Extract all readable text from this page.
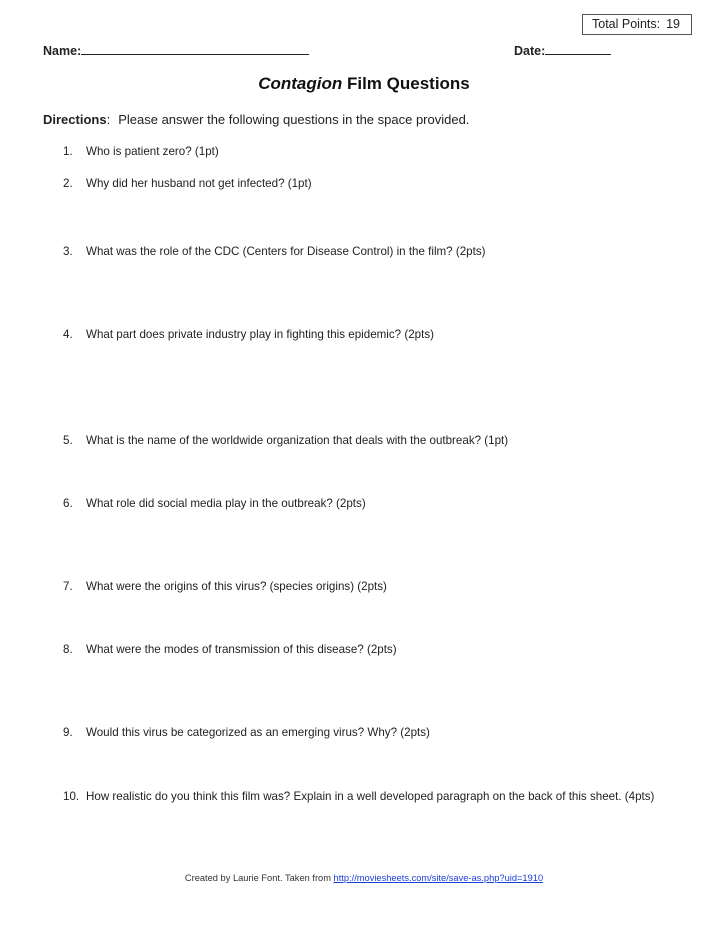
Total Points: 19
Name:	Date:
Contagion Film Questions
Directions: Please answer the following questions in the space provided.
1. Who is patient zero? (1pt)
2. Why did her husband not get infected? (1pt)
3. What was the role of the CDC (Centers for Disease Control) in the film? (2pts)
4. What part does private industry play in fighting this epidemic? (2pts)
5. What is the name of the worldwide organization that deals with the outbreak? (1pt)
6. What role did social media play in the outbreak? (2pts)
7. What were the origins of this virus? (species origins) (2pts)
8. What were the modes of transmission of this disease? (2pts)
9. Would this virus be categorized as an emerging virus? Why? (2pts)
10. How realistic do you think this film was? Explain in a well developed paragraph on the back of this sheet. (4pts)
Created by Laurie Font. Taken from http://moviesheets.com/site/save-as.php?uid=1910
